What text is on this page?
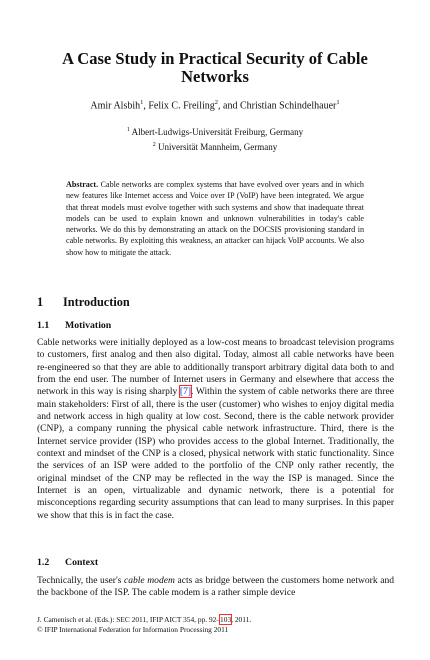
A Case Study in Practical Security of Cable
Networks
Amir Alsbih$^1$, Felix C. Freiling$^2$, and Christian Schindelhauer$^1$
$^1$ Albert-Ludwigs-Universität Freiburg, Germany
$^2$ Universität Mannheim, Germany
Abstract. Cable networks are complex systems that have evolved over years and in which new features like Internet access and Voice over IP (VoIP) have been integrated. We argue that threat models must evolve together with such systems and show that inadequate threat models can be used to explain known and unknown vulnerabilities in today's cable networks. We do this by demonstrating an attack on the DOCSIS provisioning standard in cable networks. By exploiting this weakness, an attacker can hijack VoIP accounts. We also show how to mitigate the attack.
1 Introduction
1.1 Motivation
Cable networks were initially deployed as a low-cost means to broadcast television programs to customers, first analog and then also digital. Today, almost all cable networks have been re-engineered so that they are able to additionally transport arbitrary digital data both to and from the end user. The number of Internet users in Germany and elsewhere that access the network in this way is rising sharply [7]. Within the system of cable networks there are three main stakeholders: First of all, there is the user (customer) who wishes to enjoy digital media and network access in high quality at low cost. Second, there is the cable network provider (CNP), a company running the physical cable network infrastructure. Third, there is the Internet service provider (ISP) who provides access to the global Internet. Traditionally, the context and mindset of the CNP is a closed, physical network with static functionality. Since the services of an ISP were added to the portfolio of the CNP only rather recently, the original mindset of the CNP may be reflected in the way the ISP is managed. Since the Internet is an open, virtualizable and dynamic network, there is a potential for misconceptions regarding security assumptions that can lead to many surprises. In this paper we show that this is in fact the case.
1.2 Context
Technically, the user's cable modem acts as bridge between the customers home network and the backbone of the ISP. The cable modem is a rather simple device
J. Camenisch et al. (Eds.): SEC 2011, IFIP AICT 354, pp. 92–103, 2011.
© IFIP International Federation for Information Processing 2011
